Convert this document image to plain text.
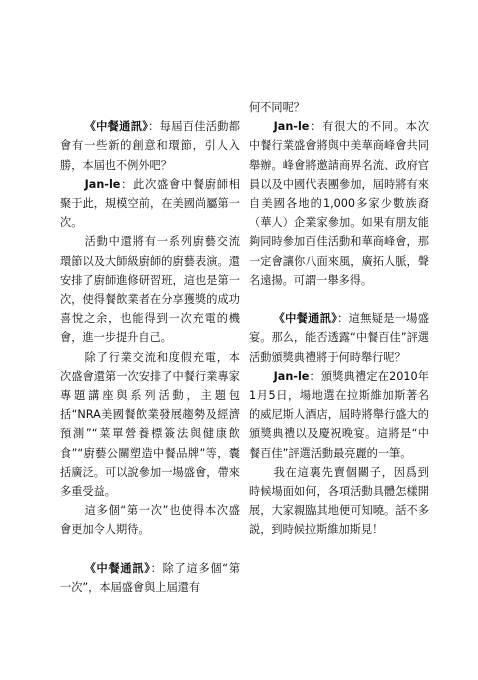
《中餐通訊》：每屆百佳活動都會有一些新的創意和環節，引人入勝，本屆也不例外吧？

Jan-le：此次盛會中餐廚師相聚于此，規模空前，在美國尚屬第一次。

活動中還將有一系列廚藝交流環節以及大師級廚師的廚藝表演。還安排了廚師進修研習班，這也是第一次，使得餐飲業者在分享獲獎的成功喜悅之余，也能得到一次充電的機會，進一步提升自己。

除了行業交流和度假充電，本次盛會還第一次安排了中餐行業專家專題講座與系列活動，主題包括“NRA美國餐飲業發展趨勢及經濟預測”“菜單營養標簽法與健康飲食”“廚藝公關塑造中餐品牌”等，囊括廣泛。可以說參加一場盛會，帶來多重受益。

這多個“第一次”也使得本次盛會更加令人期待。

《中餐通訊》：除了這多個“第一次”，本屆盛會與上屆還有

何不同呢？

Jan-le：有很大的不同。本次中餐行業盛會將與中美華商峰會共同舉辦。峰會將邀請商界名流、政府官員以及中國代表團參加，屆時將有來自美國各地的1,000多家少數族裔（華人）企業家參加。如果有朋友能夠同時參加百佳活動和華商峰會，那一定會讓你八面來風，廣拓人脈，聲名遠揚。可謂一舉多得。

《中餐通訊》：這無疑是一場盛宴。那么，能否透露“中餐百佳”評選活動頒獎典禮將于何時舉行呢？

Jan-le：頒獎典禮定在2010年1月5日，場地選在拉斯維加斯著名的威尼斯人酒店，屆時將舉行盛大的頒獎典禮以及慶祝晚宴。這將是“中餐百佳”評選活動最亮麗的一筆。

我在這裏先賣個關子，因爲到時候場面如何，各項活動具體怎樣開展，大家親臨其地便可知曉。話不多説，到時候拉斯維加斯見！
